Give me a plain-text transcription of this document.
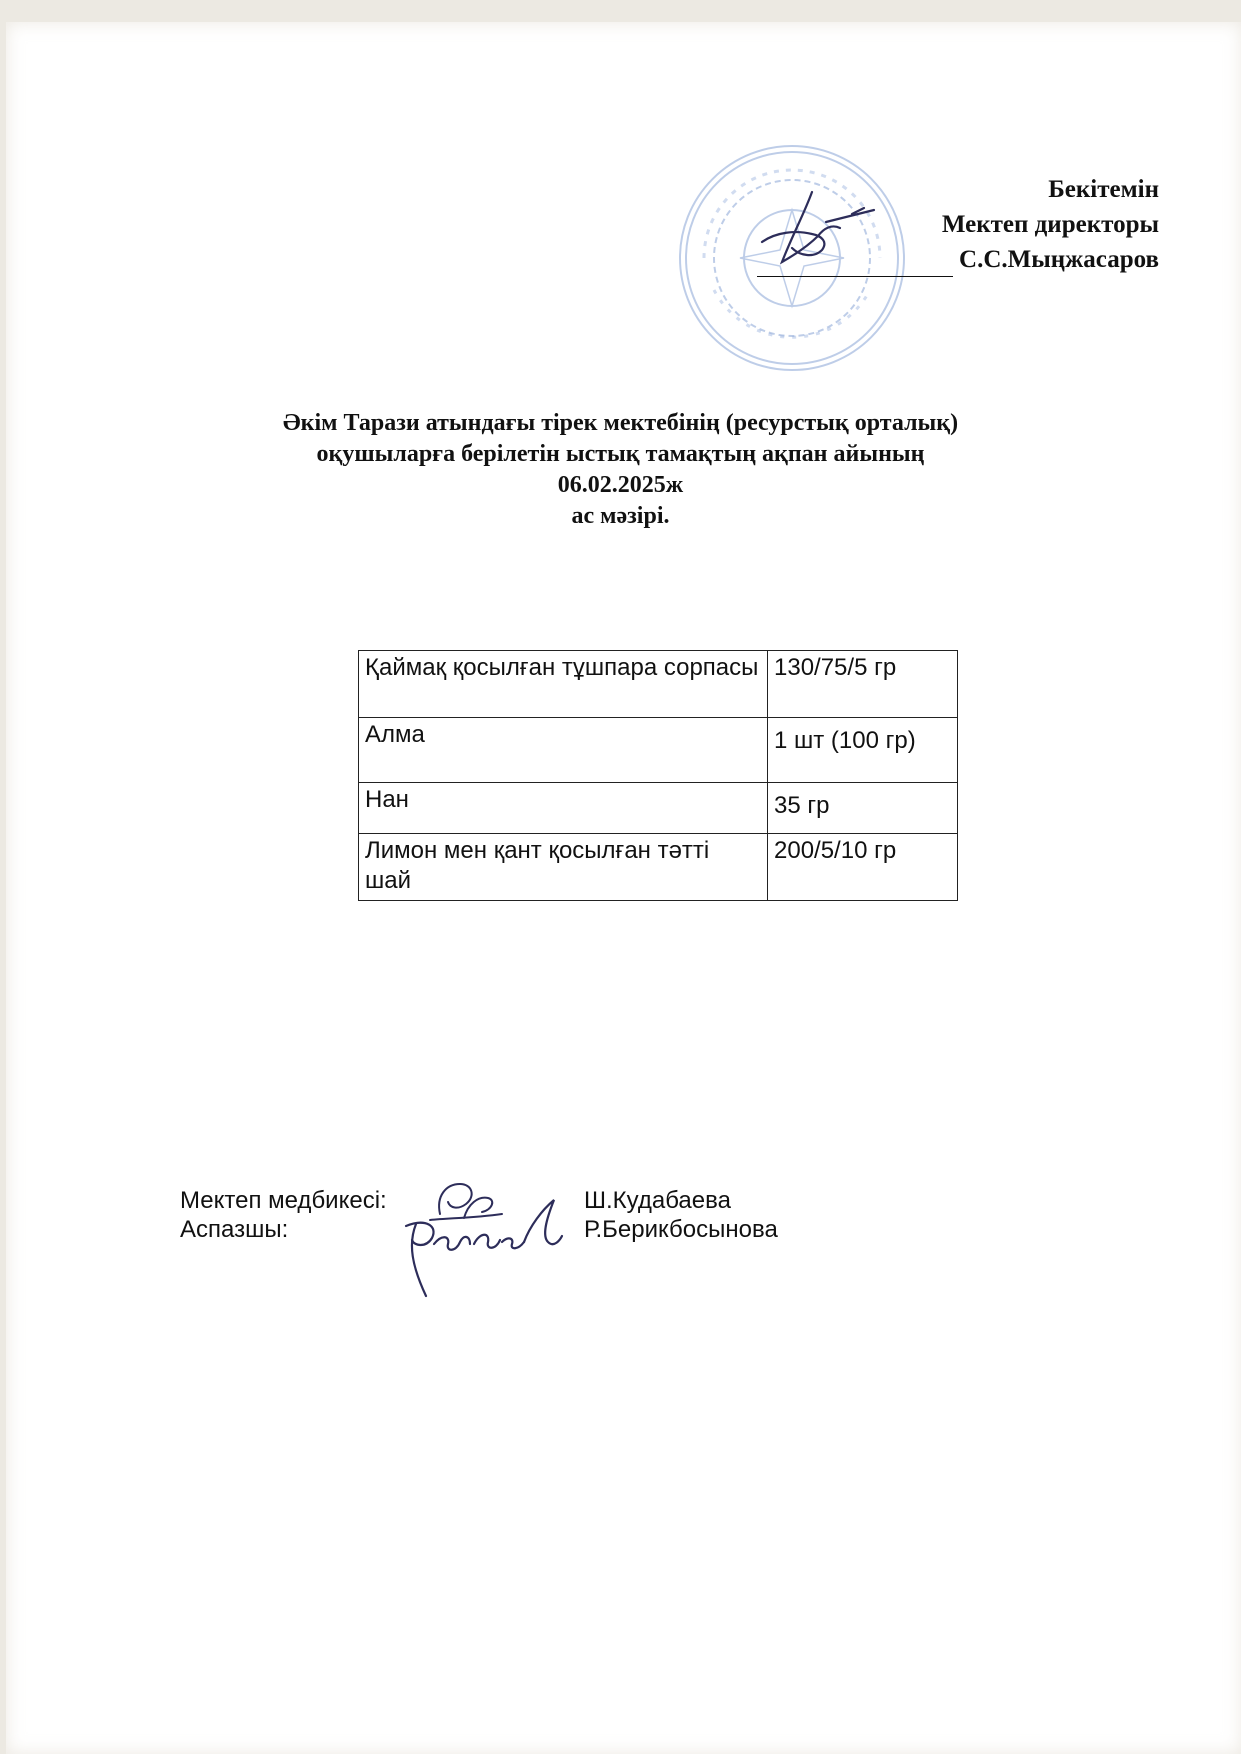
Бекітемін
Мектеп директоры
С.С.Мыңжасаров
Әкім Тарази атындағы тірек мектебінің (ресурстық орталық)
оқушыларға берілетін ыстық тамақтың ақпан айының
06.02.2025ж
ас мәзірі.
Қаймақ қосылған тұшпара сорпасы	130/75/5 гр
Алма	1 шт (100 гр)
Нан	35 гр
Лимон мен қант қосылған тәтті шай	200/5/10 гр
Мектеп медбикесі:	Ш.Кудабаева
Аспазшы:	Р.Берикбосынова
